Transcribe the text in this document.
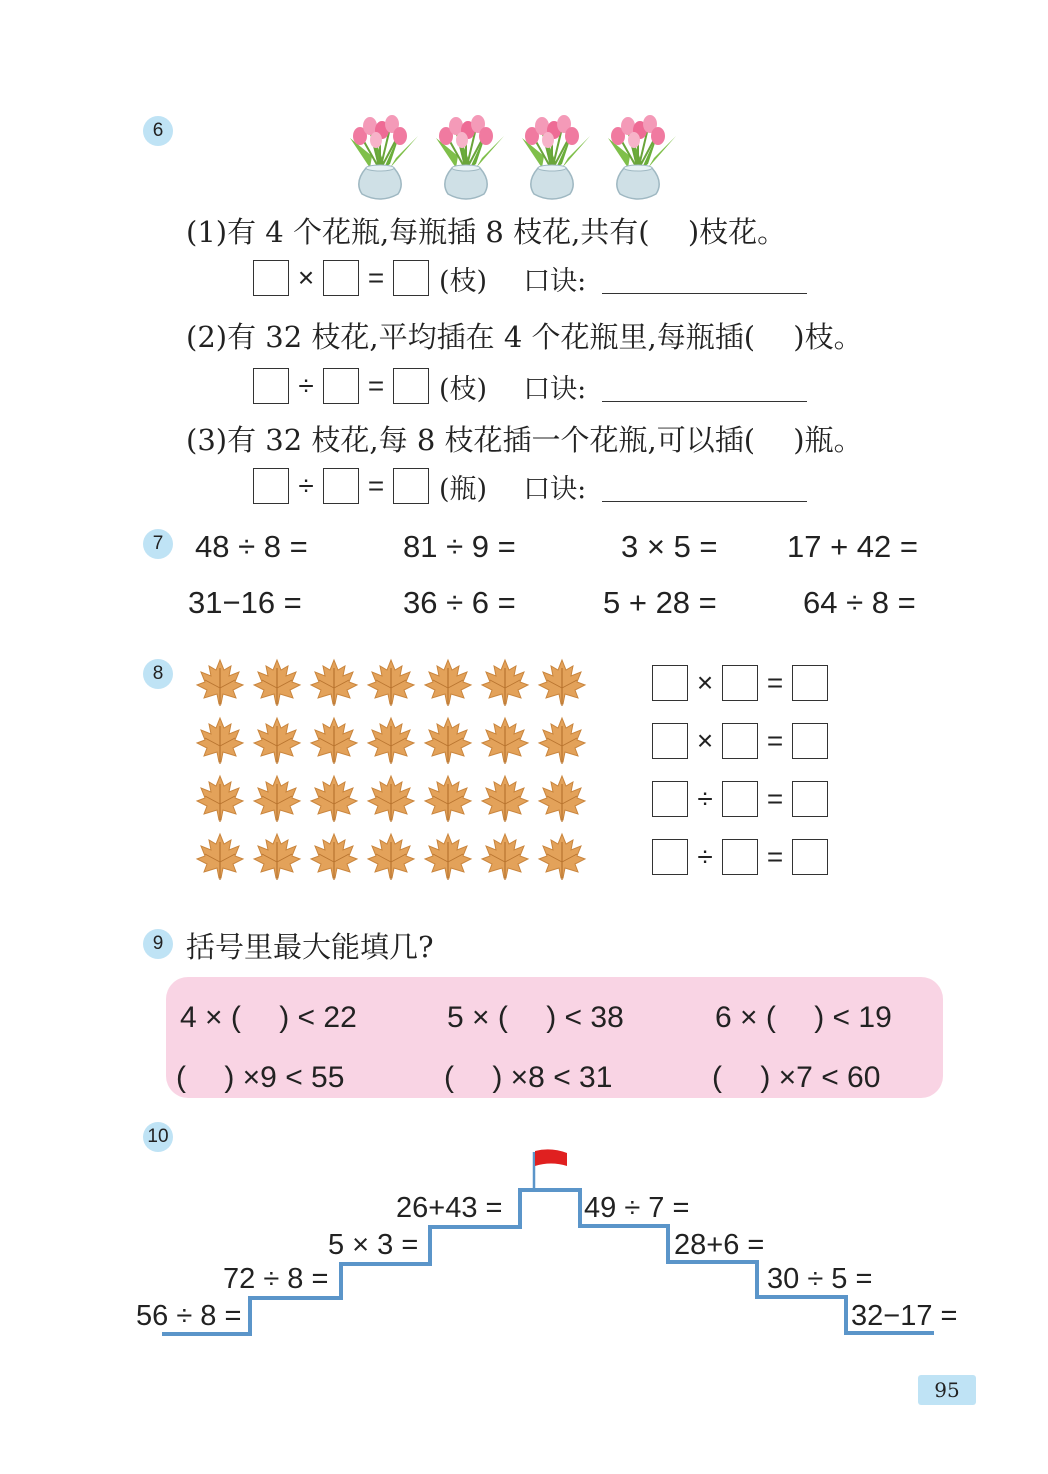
6
(1)有 4 个花瓶,每瓶插 8 枝花,共有(　 )枝花。
×	=	(枝) 口诀:
(2)有 32 枝花,平均插在 4 个花瓶里,每瓶插(　 )枝。
÷	=	(枝) 口诀:
(3)有 32 枝花,每 8 枝花插一个花瓶,可以插(　 )瓶。
÷	=	(瓶) 口诀:
7	48 ÷ 8 =	81 ÷ 9 =	3 × 5 = 17 + 42 =
31−16 =	36 ÷ 6 =	5 + 28 =	64 ÷ 8 =
8	×	=
×	=
÷	=
÷	=
9 括号里最大能填几?
4 × (　 ) < 22	5 × (　 ) < 38	6 × (　 ) < 19
(　 ) ×9 < 55	(　 ) ×8 < 31	(　 ) ×7 < 60
10
56 ÷ 8 =
72 ÷ 8 =
5 × 3 =
26+43 =	49 ÷ 7 =
28+6 =
30 ÷ 5 =
32−17 =
95
